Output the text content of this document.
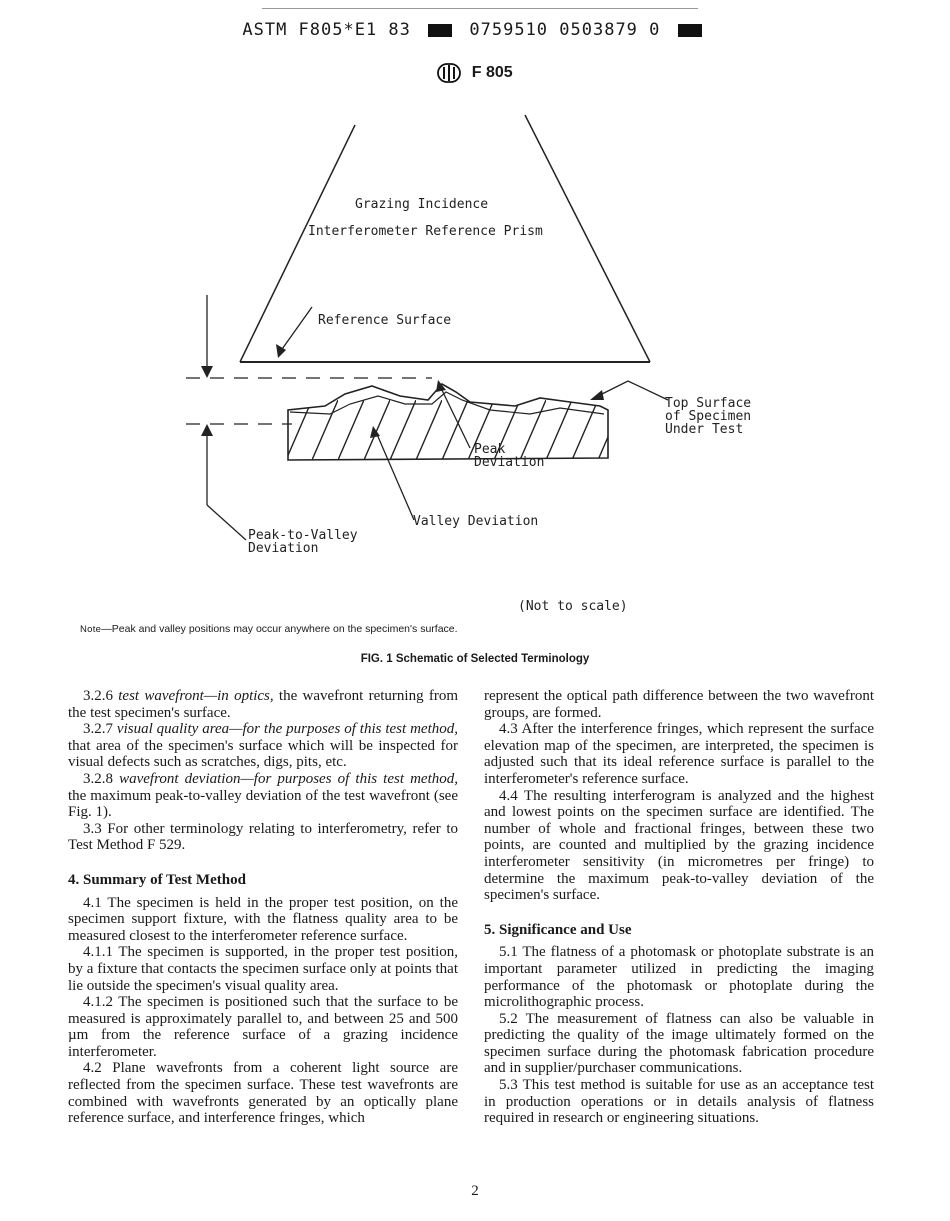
ASTM F805*E1 83	0759510 0503879 0
F 805
Grazing Incidence
Interferometer Reference Prism
Reference Surface
Top Surface
of Specimen
Under Test
Peak
Deviation
Valley Deviation
Peak-to-Valley
Deviation
(Not to scale)
Note—Peak and valley positions may occur anywhere on the specimen's surface.
FIG. 1 Schematic of Selected Terminology

3.2.6 test wavefront—in optics, the wavefront returning from the test specimen's surface.

3.2.7 visual quality area—for the purposes of this test method, that area of the specimen's surface which will be inspected for visual defects such as scratches, digs, pits, etc.

3.2.8 wavefront deviation—for purposes of this test method, the maximum peak-to-valley deviation of the test wavefront (see Fig. 1).

3.3 For other terminology relating to interferometry, refer to Test Method F 529.

4. Summary of Test Method

4.1 The specimen is held in the proper test position, on the specimen support fixture, with the flatness quality area to be measured closest to the interferometer reference surface.

4.1.1 The specimen is supported, in the proper test position, by a fixture that contacts the specimen surface only at points that lie outside the specimen's visual quality area.

4.1.2 The specimen is positioned such that the surface to be measured is approximately parallel to, and between 25 and 500 µm from the reference surface of a grazing incidence interferometer.

4.2 Plane wavefronts from a coherent light source are reflected from the specimen surface. These test wavefronts are combined with wavefronts generated by an optically plane reference surface, and interference fringes, which

represent the optical path difference between the two wavefront groups, are formed.

4.3 After the interference fringes, which represent the surface elevation map of the specimen, are interpreted, the specimen is adjusted such that its ideal reference surface is parallel to the interferometer's reference surface.

4.4 The resulting interferogram is analyzed and the highest and lowest points on the specimen surface are identified. The number of whole and fractional fringes, between these two points, are counted and multiplied by the grazing incidence interferometer sensitivity (in micrometres per fringe) to determine the maximum peak-to-valley deviation of the specimen's surface.

5. Significance and Use

5.1 The flatness of a photomask or photoplate substrate is an important parameter utilized in predicting the imaging performance of the photomask or photoplate during the microlithographic process.

5.2 The measurement of flatness can also be valuable in predicting the quality of the image ultimately formed on the specimen surface during the photomask fabrication procedure and in supplier/purchaser communications.

5.3 This test method is suitable for use as an acceptance test in production operations or in details analysis of flatness required in research or engineering situations.

2
